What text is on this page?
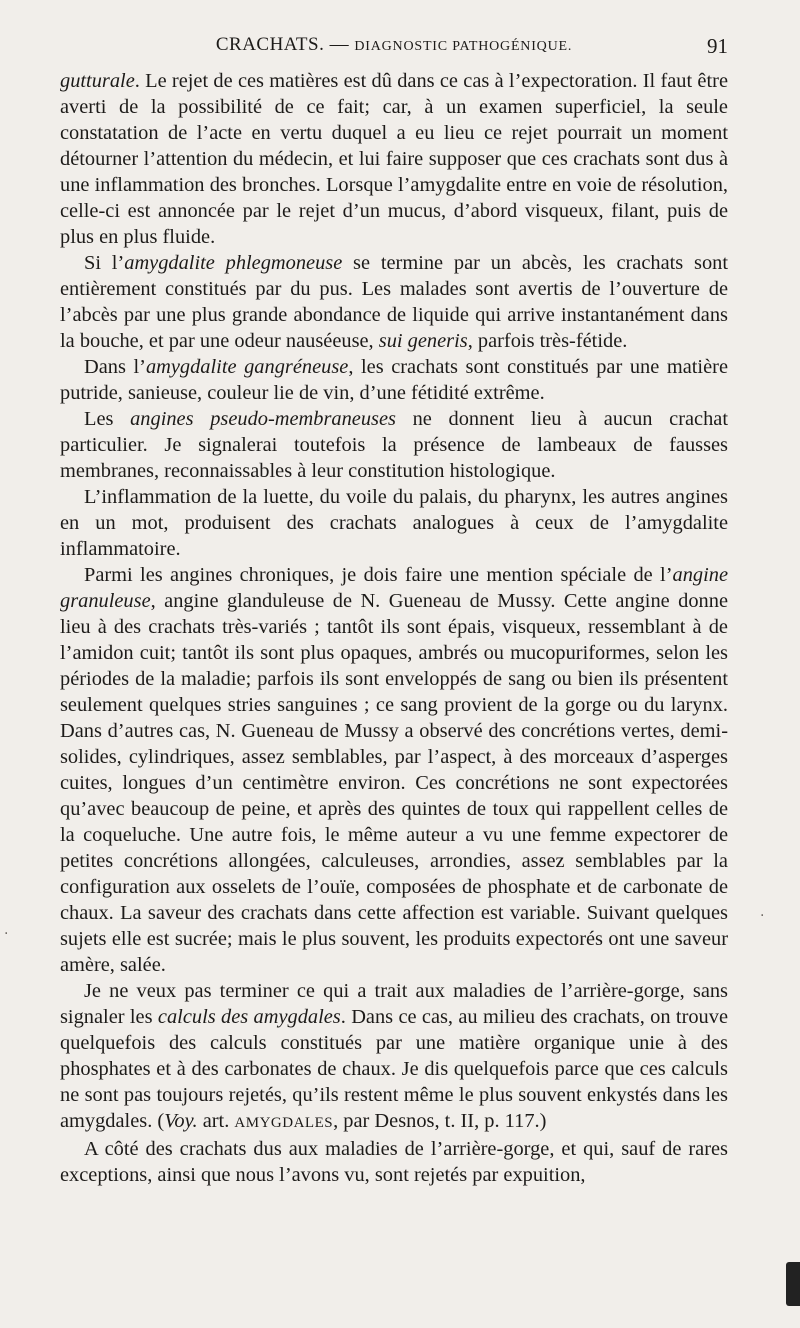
CRACHATS. — DIAGNOSTIC PATHOGÉNIQUE.	91

gutturale. Le rejet de ces matières est dû dans ce cas à l’expectoration. Il faut être averti de la possibilité de ce fait; car, à un examen superficiel, la seule constatation de l’acte en vertu duquel a eu lieu ce rejet pourrait un moment détourner l’attention du médecin, et lui faire supposer que ces crachats sont dus à une inflammation des bronches. Lorsque l’amygdalite entre en voie de résolution, celle-ci est annoncée par le rejet d’un mucus, d’abord visqueux, filant, puis de plus en plus fluide.

Si l’amygdalite phlegmoneuse se termine par un abcès, les crachats sont entièrement constitués par du pus. Les malades sont avertis de l’ouverture de l’abcès par une plus grande abondance de liquide qui arrive instantanément dans la bouche, et par une odeur nauséeuse, sui generis, parfois très-fétide.

Dans l’amygdalite gangréneuse, les crachats sont constitués par une matière putride, sanieuse, couleur lie de vin, d’une fétidité extrême.

Les angines pseudo-membraneuses ne donnent lieu à aucun crachat particulier. Je signalerai toutefois la présence de lambeaux de fausses membranes, reconnaissables à leur constitution histologique.

L’inflammation de la luette, du voile du palais, du pharynx, les autres angines en un mot, produisent des crachats analogues à ceux de l’amygdalite inflammatoire.

Parmi les angines chroniques, je dois faire une mention spéciale de l’angine granuleuse, angine glanduleuse de N. Gueneau de Mussy. Cette angine donne lieu à des crachats très-variés ; tantôt ils sont épais, visqueux, ressemblant à de l’amidon cuit; tantôt ils sont plus opaques, ambrés ou mucopuriformes, selon les périodes de la maladie; parfois ils sont enveloppés de sang ou bien ils présentent seulement quelques stries sanguines ; ce sang provient de la gorge ou du larynx. Dans d’autres cas, N. Gueneau de Mussy a observé des concrétions vertes, demi-solides, cylindriques, assez semblables, par l’aspect, à des morceaux d’asperges cuites, longues d’un centimètre environ. Ces concrétions ne sont expectorées qu’avec beaucoup de peine, et après des quintes de toux qui rappellent celles de la coqueluche. Une autre fois, le même auteur a vu une femme expectorer de petites concrétions allongées, calculeuses, arrondies, assez semblables par la configuration aux osselets de l’ouïe, composées de phosphate et de carbonate de chaux. La saveur des crachats dans cette affection est variable. Suivant quelques sujets elle est sucrée; mais le plus souvent, les produits expectorés ont une saveur amère, salée.

Je ne veux pas terminer ce qui a trait aux maladies de l’arrière-gorge, sans signaler les calculs des amygdales. Dans ce cas, au milieu des crachats, on trouve quelquefois des calculs constitués par une matière organique unie à des phosphates et à des carbonates de chaux. Je dis quelquefois parce que ces calculs ne sont pas toujours rejetés, qu’ils restent même le plus souvent enkystés dans les amygdales. (Voy. art. AMYGDALES, par Desnos, t. II, p. 117.)

A côté des crachats dus aux maladies de l’arrière-gorge, et qui, sauf de rares exceptions, ainsi que nous l’avons vu, sont rejetés par expuition,

·
·
